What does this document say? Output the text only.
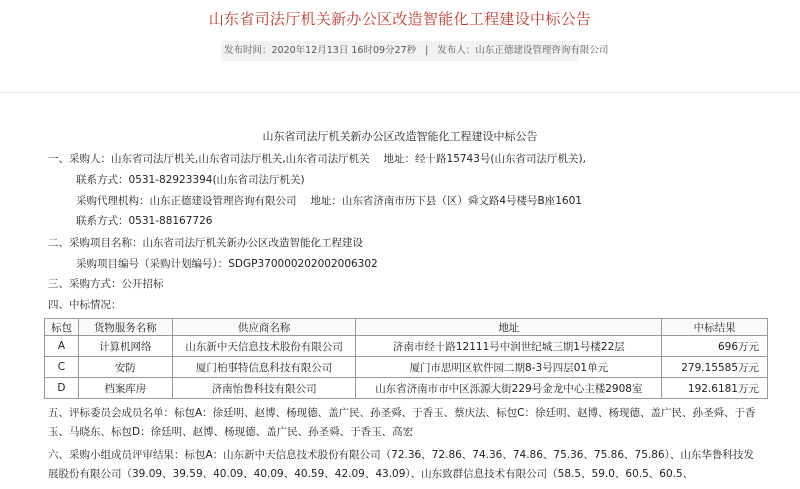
山东省司法厅机关新办公区改造智能化工程建设中标公告
发布时间：2020年12月13日 16时09分27秒 | 发布人：山东正德建设管理咨询有限公司
山东省司法厅机关新办公区改造智能化工程建设中标公告
一、采购人：山东省司法厅机关,山东省司法厅机关,山东省司法厅机关　 地址：经十路15743号(山东省司法厅机关),
联系方式：0531-82923394(山东省司法厅机关)
采购代理机构：山东正德建设管理咨询有限公司　 地址：山东省济南市历下县（区）舜文路4号楼号B座1601
联系方式：0531-88167726
二、采购项目名称：山东省司法厅机关新办公区改造智能化工程建设
采购项目编号（采购计划编号）：SDGP370000202002006302
三、采购方式：公开招标
四、中标情况：
标包	货物服务名称	供应商名称	地址	中标结果
A	计算机网络	山东新中天信息技术股份有限公司	济南市经十路12111号中润世纪城三期1号楼22层	696万元
C	安防	厦门柏事特信息科技有限公司	厦门市思明区软件园二期8-3号四层01单元	279.15585万元
D	档案库房	济南怡鲁科技有限公司	山东省济南市市中区泺源大街229号金龙中心主楼2908室	192.6181万元
五、评标委员会成员名单：标包A：徐廷明、赵博、杨现德、盖广民、孙圣舜、于香玉、蔡庆法、标包C：徐廷明、赵博、杨现德、盖广民、孙圣舜、于香玉、马晓东、标包D：徐廷明、赵博、杨现德、盖广民、孙圣舜、于香玉、高宏
六、采购小组成员评审结果：标包A：山东新中天信息技术股份有限公司（72.36、72.86、74.36、74.86、75.36、75.86、75.86）、山东华鲁科技发展股份有限公司（39.09、39.59、40.09、40.09、40.59、42.09、43.09）、山东致群信息技术有限公司（58.5、59.0、60.5、60.5、
